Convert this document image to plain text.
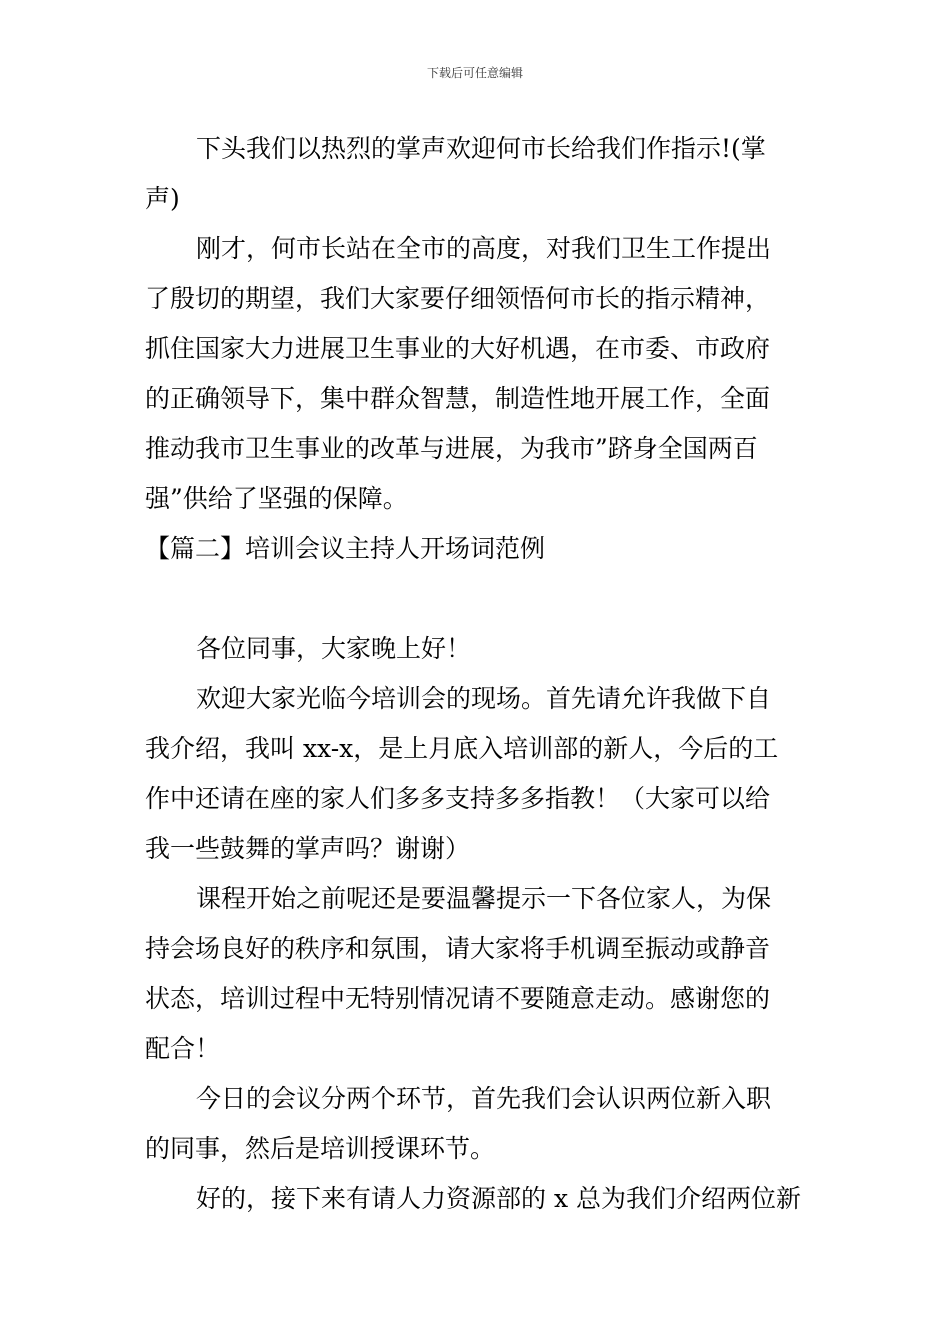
下载后可任意编辑
下头我们以热烈的掌声欢迎何市长给我们作指示!(掌
声)
刚才，何市长站在全市的高度，对我们卫生工作提出
了殷切的期望，我们大家要仔细领悟何市长的指示精神，
抓住国家大力进展卫生事业的大好机遇，在市委、市政府
的正确领导下，集中群众智慧，制造性地开展工作，全面
推动我市卫生事业的改革与进展，为我市”跻身全国两百
强”供给了坚强的保障。
【篇二】培训会议主持人开场词范例
各位同事，大家晚上好！
欢迎大家光临今培训会的现场。首先请允许我做下自
我介绍，我叫 xx-x，是上月底入培训部的新人，今后的工
作中还请在座的家人们多多支持多多指教！（大家可以给
我一些鼓舞的掌声吗？谢谢）
课程开始之前呢还是要温馨提示一下各位家人，为保
持会场良好的秩序和氛围，请大家将手机调至振动或静音
状态，培训过程中无特别情况请不要随意走动。感谢您的
配合！
今日的会议分两个环节，首先我们会认识两位新入职
的同事，然后是培训授课环节。
好的，接下来有请人力资源部的 x 总为我们介绍两位新
